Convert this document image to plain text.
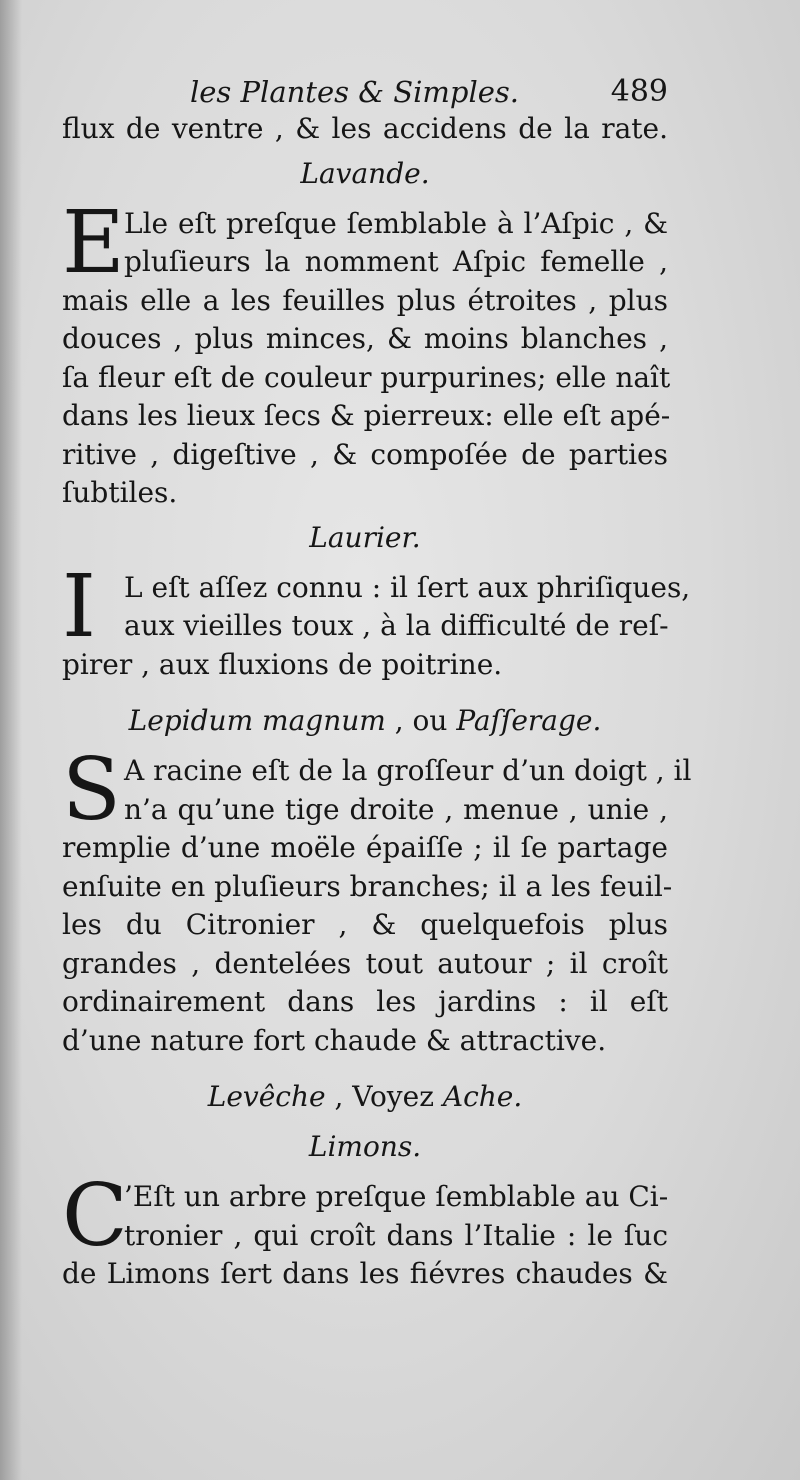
les Plantes & Simples.	489
ﬂux de ventre , & les accidens de la rate.
Lavande.
E Lle eſt preſque ſemblable à l’Aſpic , &
pluſieurs la nomment Aſpic femelle ,
mais elle a les feuilles plus étroites , plus
douces , plus minces, & moins blanches ,
ſa fleur eſt de couleur purpurines; elle naît
dans les lieux ſecs & pierreux: elle eſt apé-
ritive , digeſtive , & compoſée de parties
ſubtiles.
Laurier.
I	L eſt aſſez connu : il ſert aux phriſiques,
aux vieilles toux , à la difficulté de reſ-
pirer , aux fluxions de poitrine.
Lepidum magnum , ou Paſſerage.
S A racine eſt de la groſſeur d’un doigt , il
n’a qu’une tige droite , menue , unie ,
remplie d’une moële épaiſſe ; il ſe partage
enſuite en pluſieurs branches; il a les feuil-
les du Citronier , & quelquefois plus
grandes , dentelées tout autour ; il croît
ordinairement dans les jardins : il eſt
d’une nature fort chaude & attractive.
Levêche , Voyez Ache.
Limons.
C
’Eſt un arbre preſque ſemblable au Ci-
tronier , qui croît dans l’Italie : le ſuc
de Limons ſert dans les fiévres chaudes &
